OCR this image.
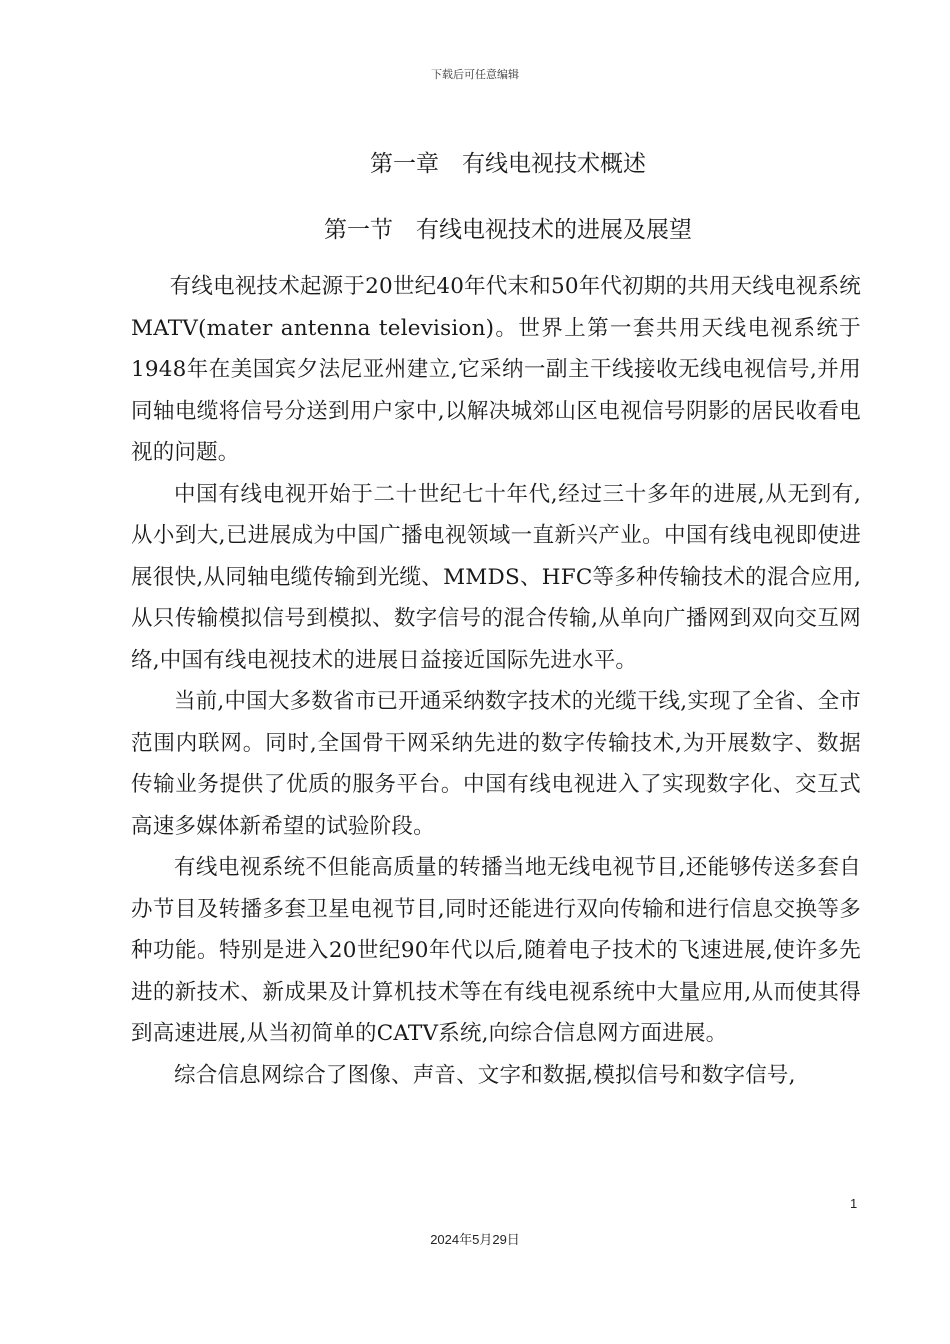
下载后可任意编辑
第一章　有线电视技术概述
第一节　有线电视技术的进展及展望

有线电视技术起源于20世纪40年代末和50年代初期的共用天线电视系统MATV(mater antenna television)。世界上第一套共用天线电视系统于1948年在美国宾夕法尼亚州建立,它采纳一副主干线接收无线电视信号,并用同轴电缆将信号分送到用户家中,以解决城郊山区电视信号阴影的居民收看电视的问题。

中国有线电视开始于二十世纪七十年代,经过三十多年的进展,从无到有,从小到大,已进展成为中国广播电视领域一直新兴产业。中国有线电视即使进展很快,从同轴电缆传输到光缆、MMDS、HFC等多种传输技术的混合应用,从只传输模拟信号到模拟、数字信号的混合传输,从单向广播网到双向交互网络,中国有线电视技术的进展日益接近国际先进水平。

当前,中国大多数省市已开通采纳数字技术的光缆干线,实现了全省、全市范围内联网。同时,全国骨干网采纳先进的数字传输技术,为开展数字、数据传输业务提供了优质的服务平台。中国有线电视进入了实现数字化、交互式高速多媒体新希望的试验阶段。

有线电视系统不但能高质量的转播当地无线电视节目,还能够传送多套自办节目及转播多套卫星电视节目,同时还能进行双向传输和进行信息交换等多种功能。特别是进入20世纪90年代以后,随着电子技术的飞速进展,使许多先进的新技术、新成果及计算机技术等在有线电视系统中大量应用,从而使其得到高速进展,从当初简单的CATV系统,向综合信息网方面进展。

综合信息网综合了图像、声音、文字和数据,模拟信号和数字信号,

1
2024年5月29日
